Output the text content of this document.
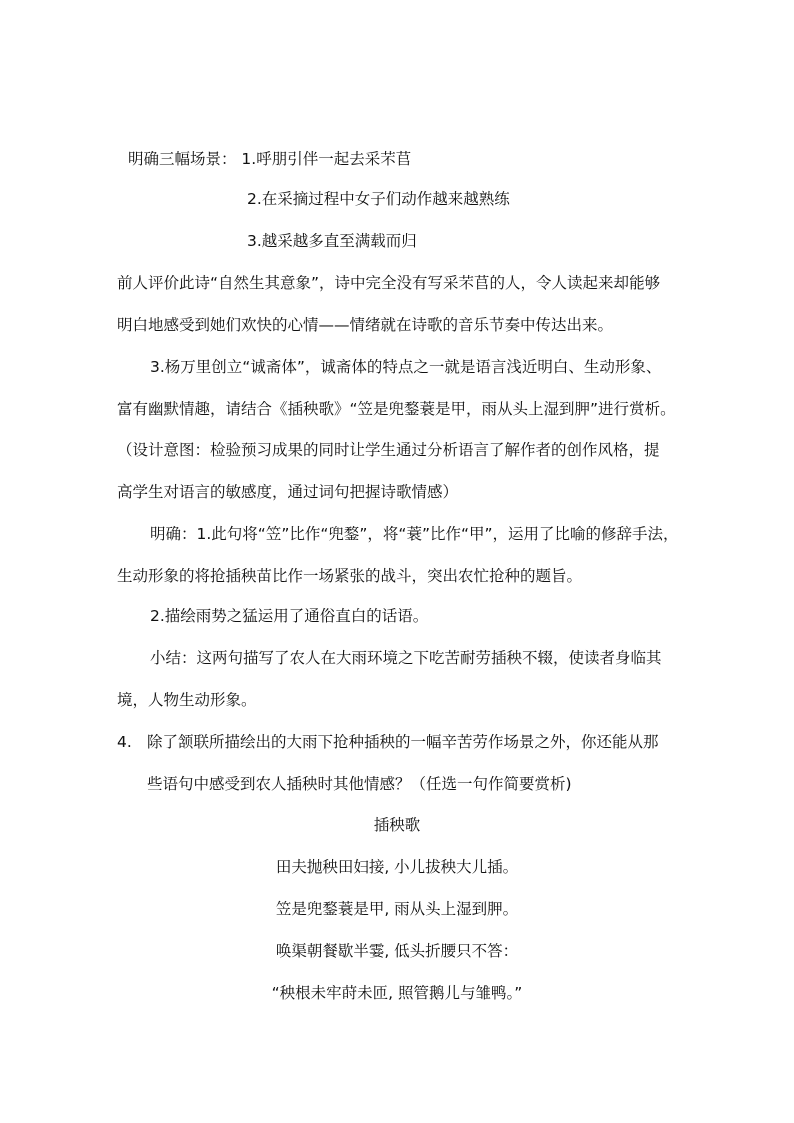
明确三幅场景： 1.呼朋引伴一起去采芣苢
2.在采摘过程中女子们动作越来越熟练
3.越采越多直至满载而归
前人评价此诗“自然生其意象”，诗中完全没有写采芣苢的人，令人读起来却能够
明白地感受到她们欢快的心情——情绪就在诗歌的音乐节奏中传达出来。
3.杨万里创立“诚斋体”，诚斋体的特点之一就是语言浅近明白、生动形象、
富有幽默情趣，请结合《插秧歌》“笠是兜鍪蓑是甲，雨从头上湿到胛”进行赏析。
（设计意图：检验预习成果的同时让学生通过分析语言了解作者的创作风格，提
高学生对语言的敏感度，通过词句把握诗歌情感）
明确：1.此句将“笠”比作“兜鍪”，将“蓑”比作“甲”，运用了比喻的修辞手法，
生动形象的将抢插秧苗比作一场紧张的战斗，突出农忙抢种的题旨。
2.描绘雨势之猛运用了通俗直白的话语。
小结：这两句描写了农人在大雨环境之下吃苦耐劳插秧不辍，使读者身临其
境，人物生动形象。
4. 除了颔联所描绘出的大雨下抢种插秧的一幅辛苦劳作场景之外，你还能从那
些语句中感受到农人插秧时其他情感？（任选一句作简要赏析)
插秧歌
田夫抛秧田妇接, 小儿拔秧大儿插。
笠是兜鍪蓑是甲, 雨从头上湿到胛。
唤渠朝餐歇半霎, 低头折腰只不答：
“秧根未牢莳未匝, 照管鹅儿与雏鸭。”
